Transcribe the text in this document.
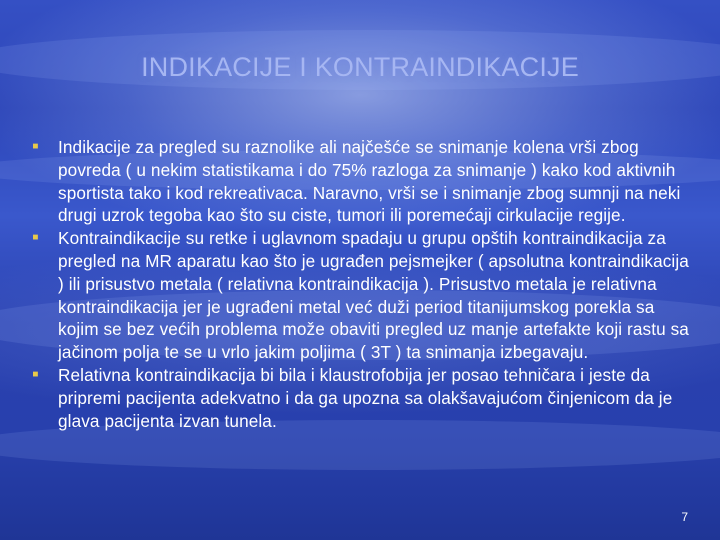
INDIKACIJE I KONTRAINDIKACIJE
■ Indikacije za pregled su raznolike ali najčešće se snimanje kolena vrši zbog povreda ( u nekim statistikama i do 75% razloga za snimanje ) kako kod aktivnih sportista tako i kod rekreativaca. Naravno, vrši se i snimanje zbog sumnji na neki drugi uzrok tegoba kao što su ciste, tumori ili poremećaji cirkulacije regije.
■ Kontraindikacije su retke i uglavnom spadaju u grupu opštih kontraindikacija za pregled na MR aparatu kao što je ugrađen pejsmejker ( apsolutna kontraindikacija ) ili prisustvo metala ( relativna kontraindikacija ). Prisustvo metala je relativna kontraindikacija jer je ugrađeni metal već duži period titanijumskog porekla sa kojim se bez većih problema može obaviti pregled uz manje artefakte koji rastu sa jačinom polja te se u vrlo jakim poljima ( 3T ) ta snimanja izbegavaju.
■ Relativna kontraindikacija bi bila i klaustrofobija jer posao tehničara i jeste da pripremi pacijenta adekvatno i da ga upozna sa olakšavajućom činjenicom da je glava pacijenta izvan tunela.
7
